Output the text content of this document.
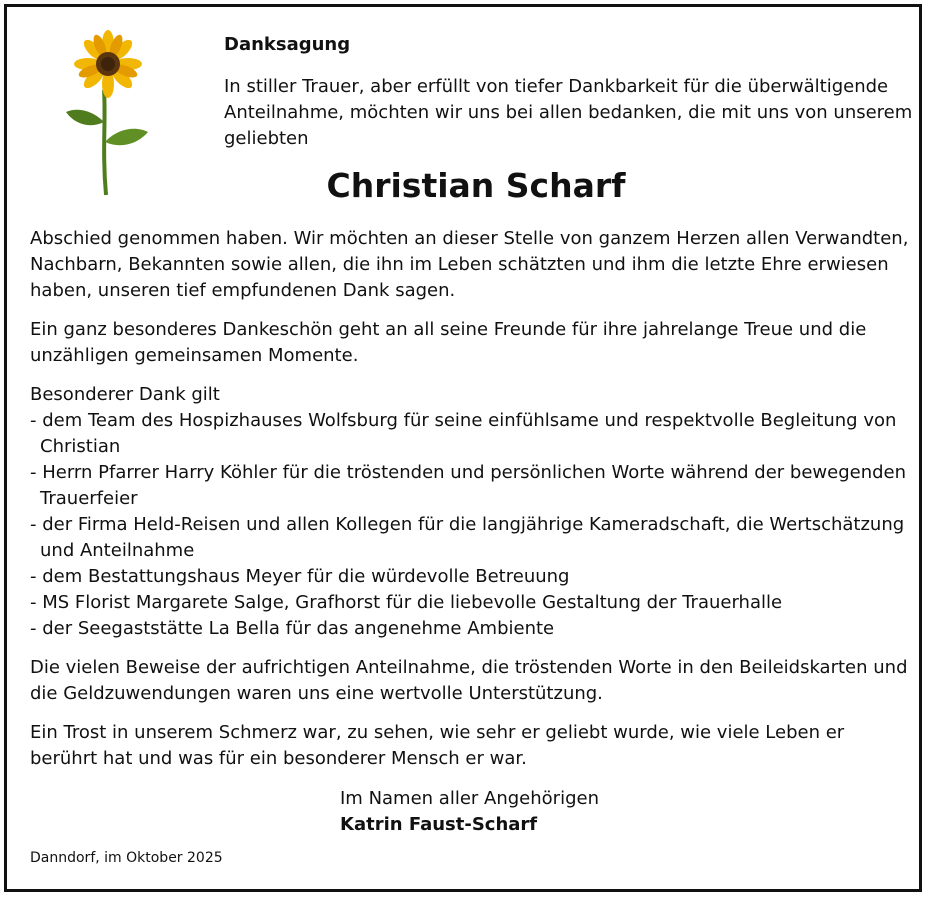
Danksagung
In stiller Trauer, aber erfüllt von tiefer Dankbarkeit für die überwältigende Anteilnahme, möchten wir uns bei allen bedanken, die mit uns von unserem geliebten
Christian Scharf

Abschied genommen haben. Wir möchten an dieser Stelle von ganzem Herzen allen Verwandten, Nachbarn, Bekannten sowie allen, die ihn im Leben schätzten und ihm die letzte Ehre erwiesen haben, unseren tief empfundenen Dank sagen.

Ein ganz besonderes Dankeschön geht an all seine Freunde für ihre jahrelange Treue und die unzähligen gemeinsamen Momente.

Besonderer Dank gilt
- dem Team des Hospizhauses Wolfsburg für seine einfühlsame und respektvolle Begleitung von Christian
- Herrn Pfarrer Harry Köhler für die tröstenden und persönlichen Worte während der bewegenden Trauerfeier
- der Firma Held-Reisen und allen Kollegen für die langjährige Kameradschaft, die Wertschätzung und Anteilnahme
- dem Bestattungshaus Meyer für die würdevolle Betreuung
- MS Florist Margarete Salge, Grafhorst für die liebevolle Gestaltung der Trauerhalle
- der Seegaststätte La Bella für das angenehme Ambiente

Die vielen Beweise der aufrichtigen Anteilnahme, die tröstenden Worte in den Beileidskarten und die Geldzuwendungen waren uns eine wertvolle Unterstützung.

Ein Trost in unserem Schmerz war, zu sehen, wie sehr er geliebt wurde, wie viele Leben er berührt hat und was für ein besonderer Mensch er war.

Im Namen aller Angehörigen
Katrin Faust-Scharf
Danndorf, im Oktober 2025
